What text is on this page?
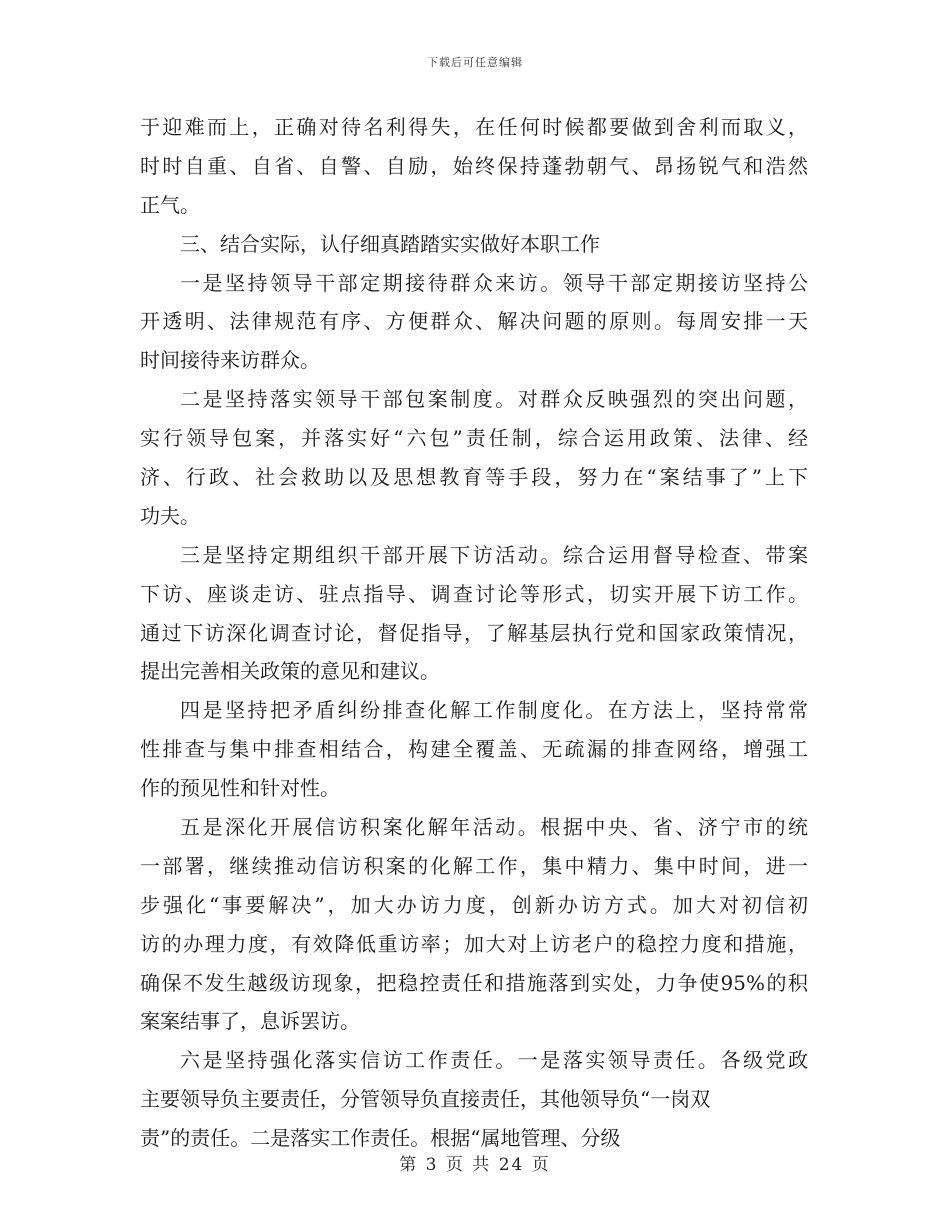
下载后可任意编辑
于迎难而上，正确对待名利得失，在任何时候都要做到舍利而取义，
时时自重、自省、自警、自励，始终保持蓬勃朝气、昂扬锐气和浩然
正气。
三、结合实际，认仔细真踏踏实实做好本职工作
一是坚持领导干部定期接待群众来访。领导干部定期接访坚持公
开透明、法律规范有序、方便群众、解决问题的原则。每周安排一天
时间接待来访群众。
二是坚持落实领导干部包案制度。对群众反映强烈的突出问题，
实行领导包案，并落实好“六包”责任制，综合运用政策、法律、经
济、行政、社会救助以及思想教育等手段，努力在“案结事了”上下
功夫。
三是坚持定期组织干部开展下访活动。综合运用督导检查、带案
下访、座谈走访、驻点指导、调查讨论等形式，切实开展下访工作。
通过下访深化调查讨论，督促指导，了解基层执行党和国家政策情况，
提出完善相关政策的意见和建议。
四是坚持把矛盾纠纷排查化解工作制度化。在方法上，坚持常常
性排查与集中排查相结合，构建全覆盖、无疏漏的排查网络，增强工
作的预见性和针对性。
五是深化开展信访积案化解年活动。根据中央、省、济宁市的统
一部署，继续推动信访积案的化解工作，集中精力、集中时间，进一
步强化“事要解决”，加大办访力度，创新办访方式。加大对初信初
访的办理力度，有效降低重访率；加大对上访老户的稳控力度和措施，
确保不发生越级访现象，把稳控责任和措施落到实处，力争使95%的积
案案结事了，息诉罢访。
六是坚持强化落实信访工作责任。一是落实领导责任。各级党政
主要领导负主要责任，分管领导负直接责任，其他领导负“一岗双
责”的责任。二是落实工作责任。根据“属地管理、分级
第 3 页 共 24 页
